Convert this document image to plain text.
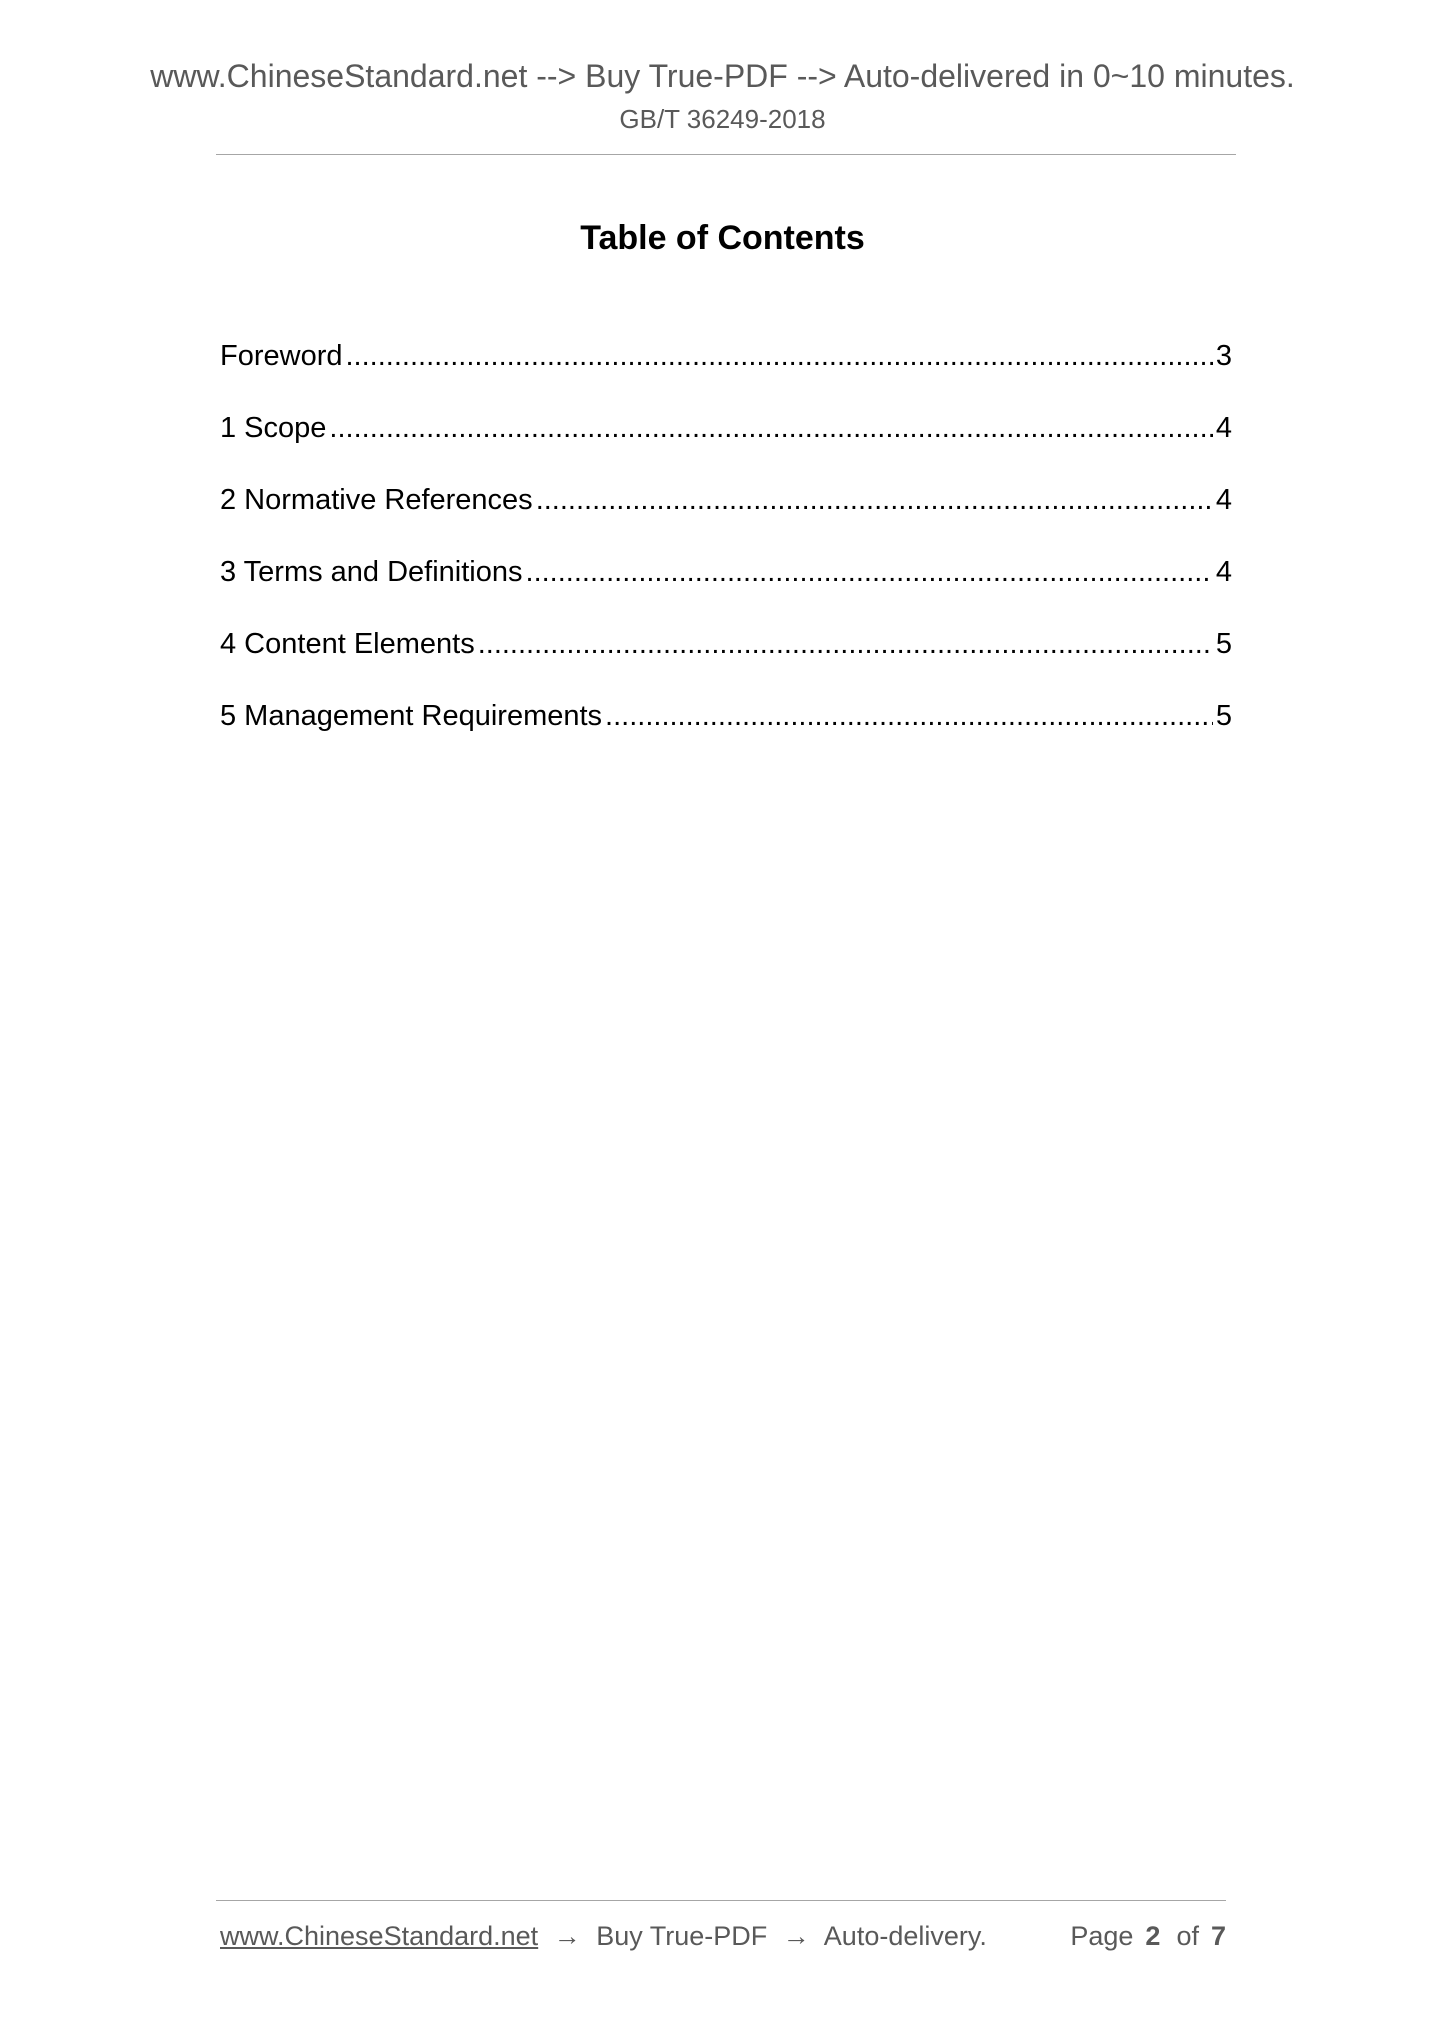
www.ChineseStandard.net --> Buy True-PDF --> Auto-delivered in 0~10 minutes.
GB/T 36249-2018
Table of Contents
Foreword .....	3
1 Scope .....	4
2 Normative References .....	4
3 Terms and Definitions .....	4
4 Content Elements .....	5
5 Management Requirements .....	5
www.ChineseStandard.net → Buy True-PDF → Auto-delivery.	Page 2 of 7
